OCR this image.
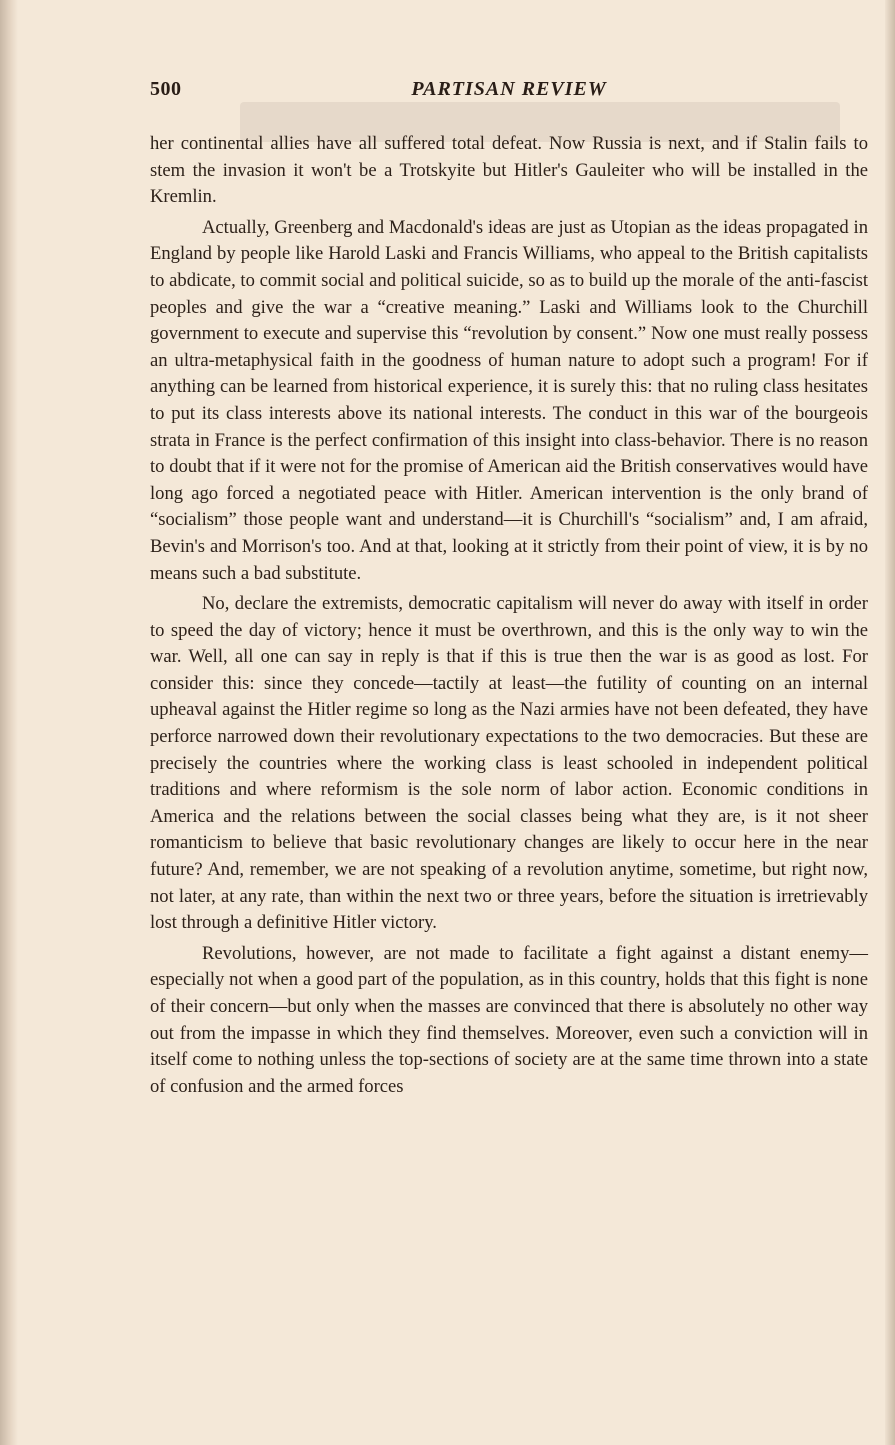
500	PARTISAN REVIEW

her continental allies have all suffered total defeat. Now Russia is next, and if Stalin fails to stem the invasion it won't be a Trotskyite but Hitler's Gauleiter who will be installed in the Kremlin.

Actually, Greenberg and Macdonald's ideas are just as Utopian as the ideas propagated in England by people like Harold Laski and Francis Williams, who appeal to the British capitalists to abdicate, to commit social and political suicide, so as to build up the morale of the anti-fascist peoples and give the war a “creative meaning.” Laski and Williams look to the Churchill government to execute and supervise this “revolution by consent.” Now one must really possess an ultra-metaphysical faith in the goodness of human nature to adopt such a program! For if anything can be learned from historical experience, it is surely this: that no ruling class hesitates to put its class interests above its national interests. The conduct in this war of the bourgeois strata in France is the perfect confirmation of this insight into class-behavior. There is no reason to doubt that if it were not for the promise of American aid the British conservatives would have long ago forced a negotiated peace with Hitler. American intervention is the only brand of “socialism” those people want and understand—it is Churchill's “socialism” and, I am afraid, Bevin's and Morrison's too. And at that, looking at it strictly from their point of view, it is by no means such a bad substitute.

No, declare the extremists, democratic capitalism will never do away with itself in order to speed the day of victory; hence it must be overthrown, and this is the only way to win the war. Well, all one can say in reply is that if this is true then the war is as good as lost. For consider this: since they concede—tactily at least—the futility of counting on an internal upheaval against the Hitler regime so long as the Nazi armies have not been defeated, they have perforce narrowed down their revolutionary expectations to the two democracies. But these are precisely the countries where the working class is least schooled in independent political traditions and where reformism is the sole norm of labor action. Economic conditions in America and the relations between the social classes being what they are, is it not sheer romanticism to believe that basic revolutionary changes are likely to occur here in the near future? And, remember, we are not speaking of a revolution anytime, sometime, but right now, not later, at any rate, than within the next two or three years, before the situation is irretrievably lost through a definitive Hitler victory.

Revolutions, however, are not made to facilitate a fight against a distant enemy—especially not when a good part of the population, as in this country, holds that this fight is none of their concern—but only when the masses are convinced that there is absolutely no other way out from the impasse in which they find themselves. Moreover, even such a conviction will in itself come to nothing unless the top-sections of society are at the same time thrown into a state of confusion and the armed forces
